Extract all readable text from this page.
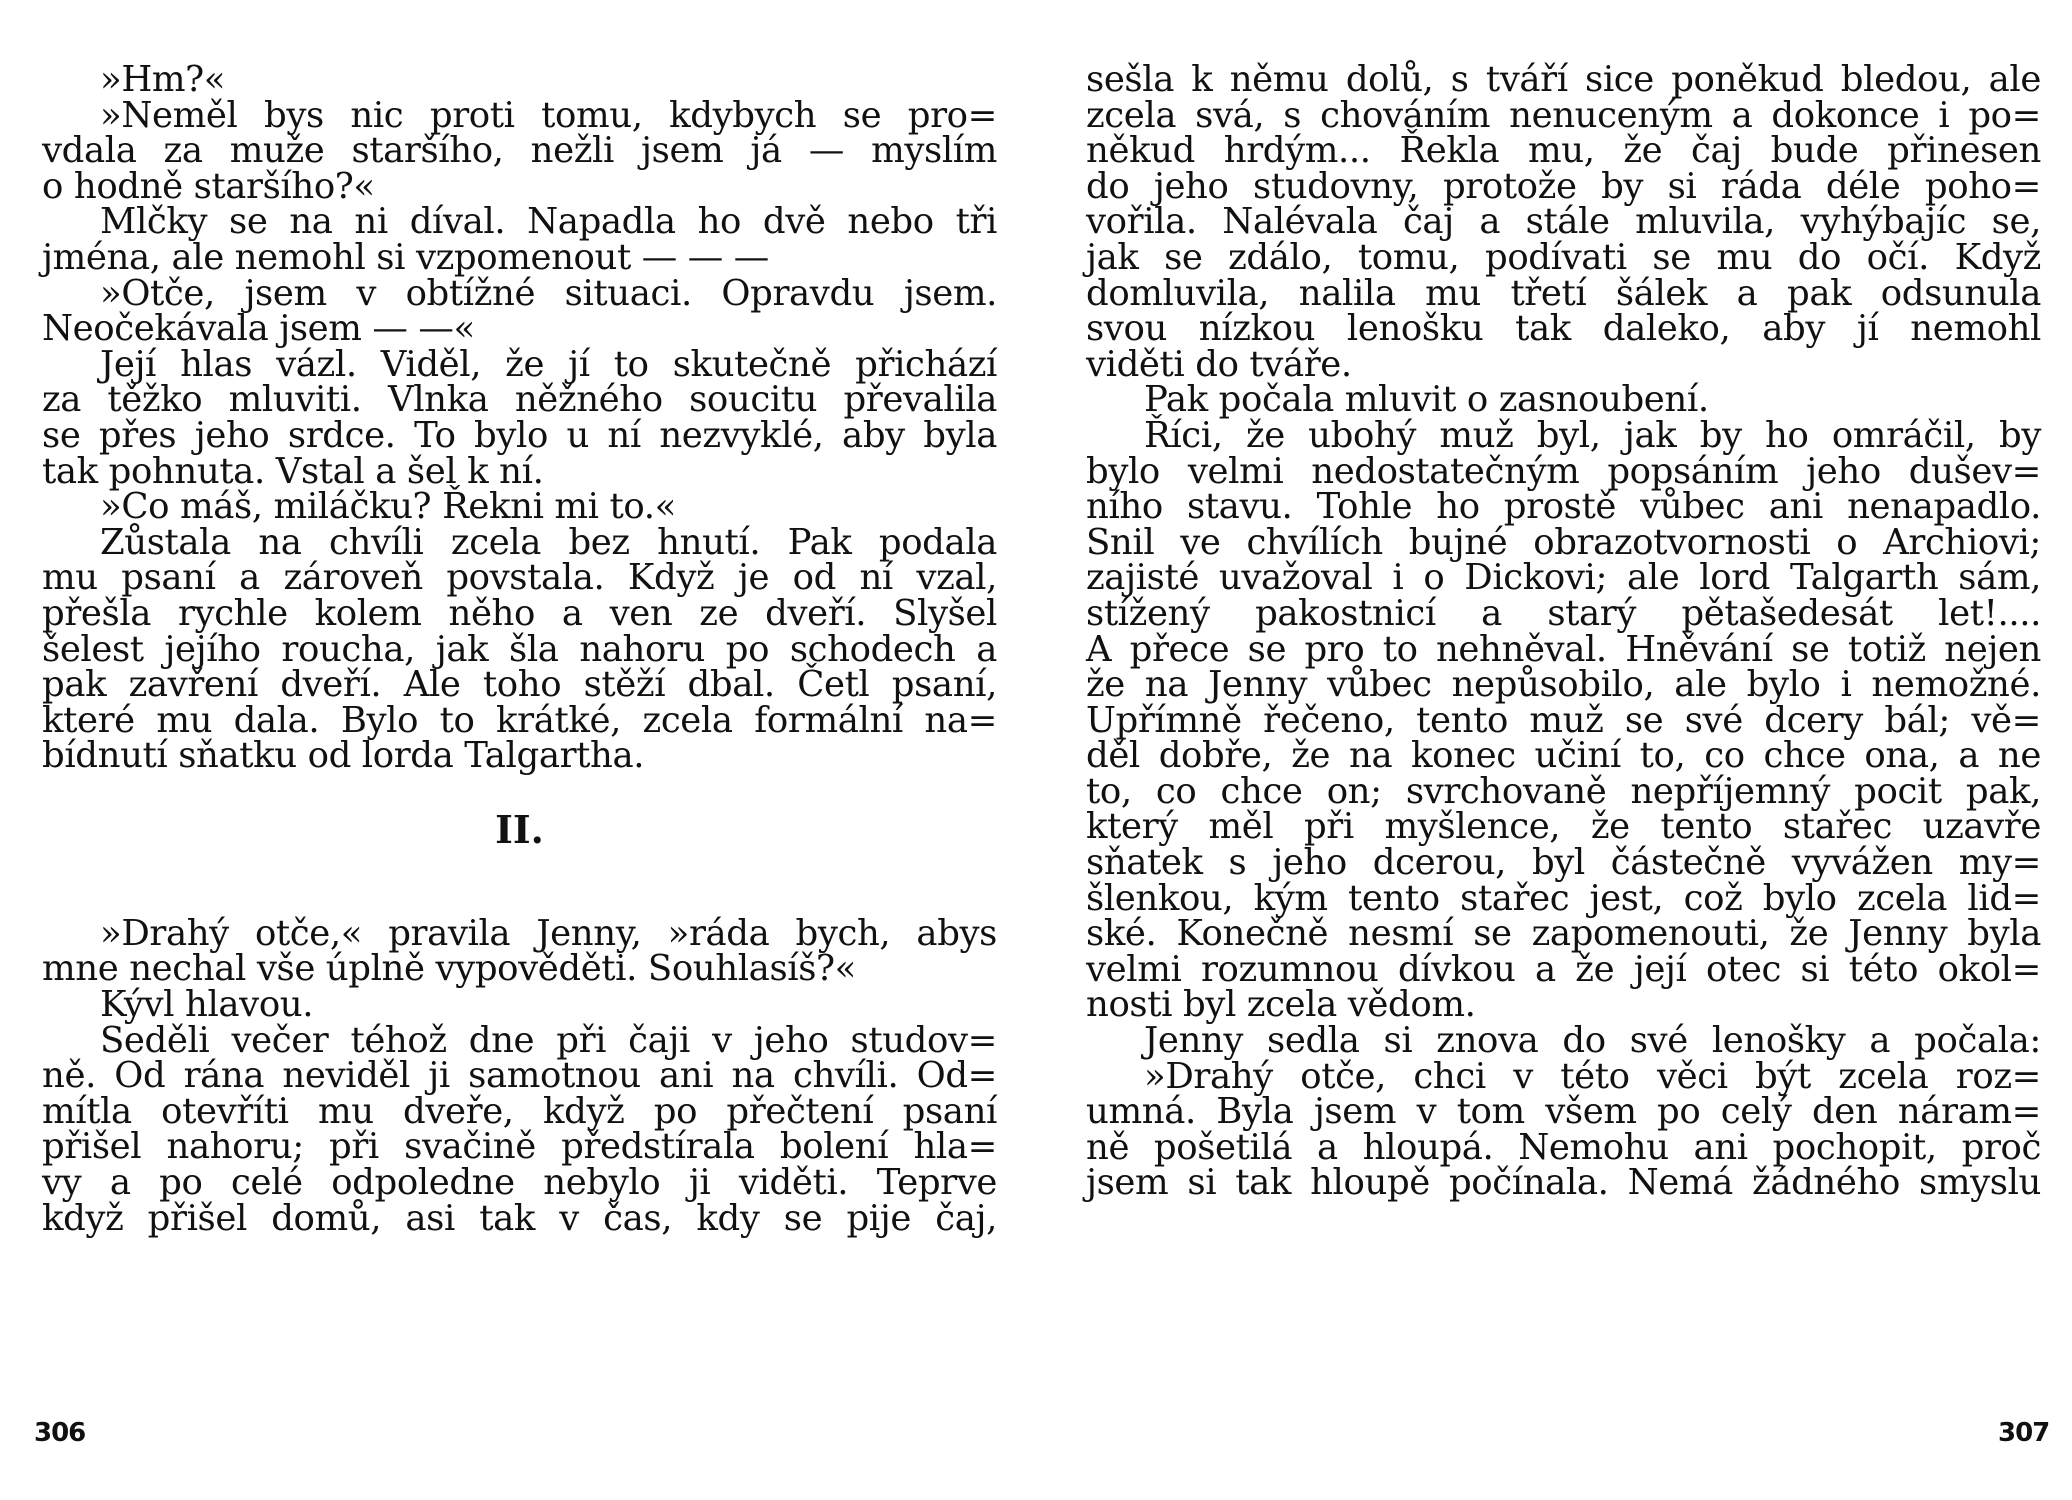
»Hm?«
»Neměl bys nic proti tomu, kdybych se pro=
vdala za muže staršího, nežli jsem já — myslím
o hodně staršího?«
Mlčky se na ni díval. Napadla ho dvě nebo tři
jména, ale nemohl si vzpomenout — — —
»Otče, jsem v obtížné situaci. Opravdu jsem.
Neočekávala jsem — —«
Její hlas vázl. Viděl, že jí to skutečně přichází
za těžko mluviti. Vlnka něžného soucitu převalila
se přes jeho srdce. To bylo u ní nezvyklé, aby byla
tak pohnuta. Vstal a šel k ní.
»Co máš, miláčku? Řekni mi to.«
Zůstala na chvíli zcela bez hnutí. Pak podala
mu psaní a zároveň povstala. Když je od ní vzal,
přešla rychle kolem něho a ven ze dveří. Slyšel
šelest jejího roucha, jak šla nahoru po schodech a
pak zavření dveří. Ale toho stěží dbal. Četl psaní,
které mu dala. Bylo to krátké, zcela formální na=
bídnutí sňatku od lorda Talgartha.
II.
»Drahý otče,« pravila Jenny, »ráda bych, abys
mne nechal vše úplně vypověděti. Souhlasíš?«
Kývl hlavou.
Seděli večer téhož dne při čaji v jeho studov=
ně. Od rána neviděl ji samotnou ani na chvíli. Od=
mítla otevříti mu dveře, když po přečtení psaní
přišel nahoru; při svačině předstírala bolení hla=
vy a po celé odpoledne nebylo ji viděti. Teprve
když přišel domů, asi tak v čas, kdy se pije čaj,
sešla k němu dolů, s tváří sice poněkud bledou, ale
zcela svá, s chováním nenuceným a dokonce i po=
někud hrdým... Řekla mu, že čaj bude přinesen
do jeho studovny, protože by si ráda déle poho=
vořila. Nalévala čaj a stále mluvila, vyhýbajíc se,
jak se zdálo, tomu, podívati se mu do očí. Když
domluvila, nalila mu třetí šálek a pak odsunula
svou nízkou lenošku tak daleko, aby jí nemohl
viděti do tváře.
Pak počala mluvit o zasnoubení.
Říci, že ubohý muž byl, jak by ho omráčil, by
bylo velmi nedostatečným popsáním jeho dušev=
ního stavu. Tohle ho prostě vůbec ani nenapadlo.
Snil ve chvílích bujné obrazotvornosti o Archiovi;
zajisté uvažoval i o Dickovi; ale lord Talgarth sám,
stížený pakostnicí a starý pětašedesát let!....
A přece se pro to nehněval. Hněvání se totiž nejen
že na Jenny vůbec nepůsobilo, ale bylo i nemožné.
Upřímně řečeno, tento muž se své dcery bál; vě=
děl dobře, že na konec učiní to, co chce ona, a ne
to, co chce on; svrchovaně nepříjemný pocit pak,
který měl při myšlence, že tento stařec uzavře
sňatek s jeho dcerou, byl částečně vyvážen my=
šlenkou, kým tento stařec jest, což bylo zcela lid=
ské. Konečně nesmí se zapomenouti, že Jenny byla
velmi rozumnou dívkou a že její otec si této okol=
nosti byl zcela vědom.
Jenny sedla si znova do své lenošky a počala:
»Drahý otče, chci v této věci být zcela roz=
umná. Byla jsem v tom všem po celý den náram=
ně pošetilá a hloupá. Nemohu ani pochopit, proč
jsem si tak hloupě počínala. Nemá žádného smyslu
306	307
